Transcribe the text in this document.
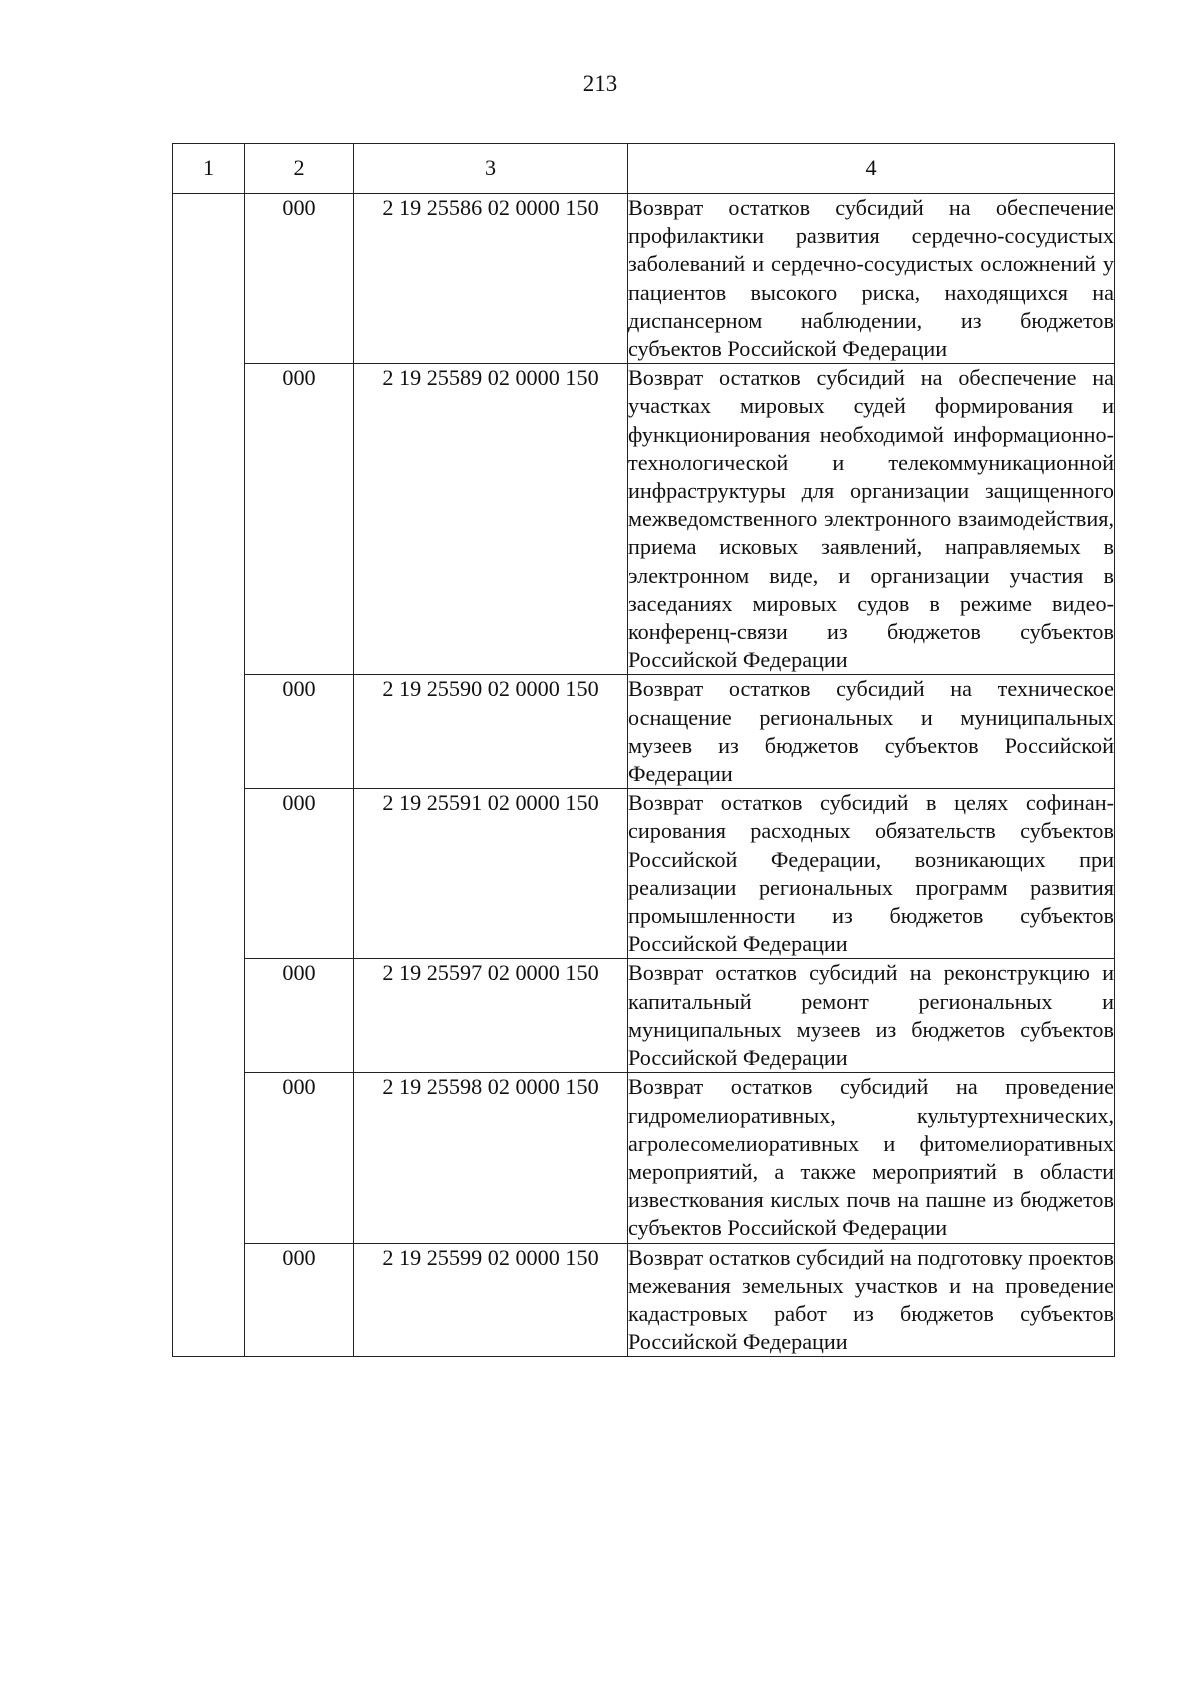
213
1	2	3	4
	000	2 19 25586 02 0000 150	Возврат остатков субсидий на обеспечение профилактики развития сердечно-сосудистых заболеваний и сердечно-сосудистых осложнений у пациентов высокого риска, находящихся на диспансерном наблюдении, из бюджетов субъектов Российской Федерации
	000	2 19 25589 02 0000 150	Возврат остатков субсидий на обеспечение на участках мировых судей формирования и функционирования необходимой информационно-технологической и телекоммуникационной инфраструктуры для организации защищенного межведомственного электронного взаимодействия, приема исковых заявлений, направляемых в электронном виде, и организации участия в заседаниях мировых судов в режиме видео-конференц-связи из бюджетов субъектов Российской Федерации
	000	2 19 25590 02 0000 150	Возврат остатков субсидий на техническое оснащение региональных и муниципальных музеев из бюджетов субъектов Российской Федерации
	000	2 19 25591 02 0000 150	Возврат остатков субсидий в целях софинансирования расходных обязательств субъектов Российской Федерации, возникающих при реализации региональных программ развития промышленности из бюджетов субъектов Российской Федерации
	000	2 19 25597 02 0000 150	Возврат остатков субсидий на реконструкцию и капитальный ремонт региональных и муниципальных музеев из бюджетов субъектов Российской Федерации
	000	2 19 25598 02 0000 150	Возврат остатков субсидий на проведение гидромелиоративных, культуртехнических, агролесомелиоративных и фитомелиоративных мероприятий, а также мероприятий в области известкования кислых почв на пашне из бюджетов субъектов Российской Федерации
	000	2 19 25599 02 0000 150	Возврат остатков субсидий на подготовку проектов межевания земельных участков и на проведение кадастровых работ из бюджетов субъектов Российской Федерации
